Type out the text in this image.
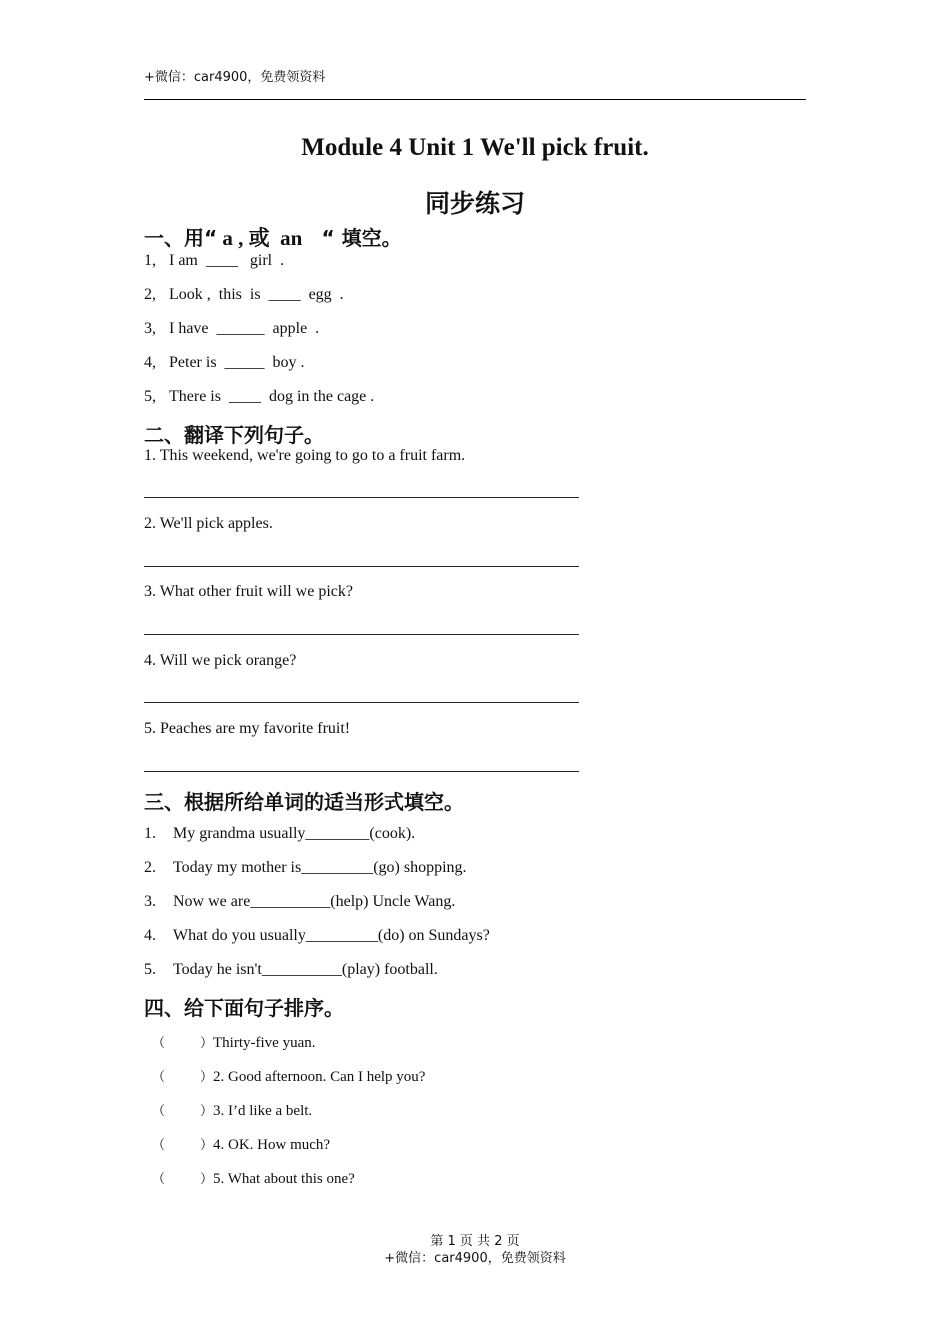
+微信：car4900，免费领资料
Module 4 Unit 1 We'll pick fruit.
同步练习
一、用“ a , 或  an   “ 填空。
1, I am  ____   girl  .
2, Look ,  this  is  ____  egg  .
3, I have  ______  apple  .
4, Peter is  _____  boy .
5, There is  ____  dog in the cage .
二、翻译下列句子。
1. This weekend, we're going to go to a fruit farm.
2. We'll pick apples.
3. What other fruit will we pick?
4. Will we pick orange?
5. Peaches are my favorite fruit!
三、根据所给单词的适当形式填空。
1. My grandma usually________(cook).
2. Today my mother is_________(go) shopping.
3. Now we are__________(help) Uncle Wang.
4. What do you usually_________(do) on Sundays?
5. Today he isn't__________(play) football.
四、给下面句子排序。
（	）Thirty-five yuan.
（	）2. Good afternoon. Can I help you?
（	）3. I’d like a belt.
（	）4. OK. How much?
（	）5. What about this one?
第 1 页 共 2 页
+微信：car4900，免费领资料
